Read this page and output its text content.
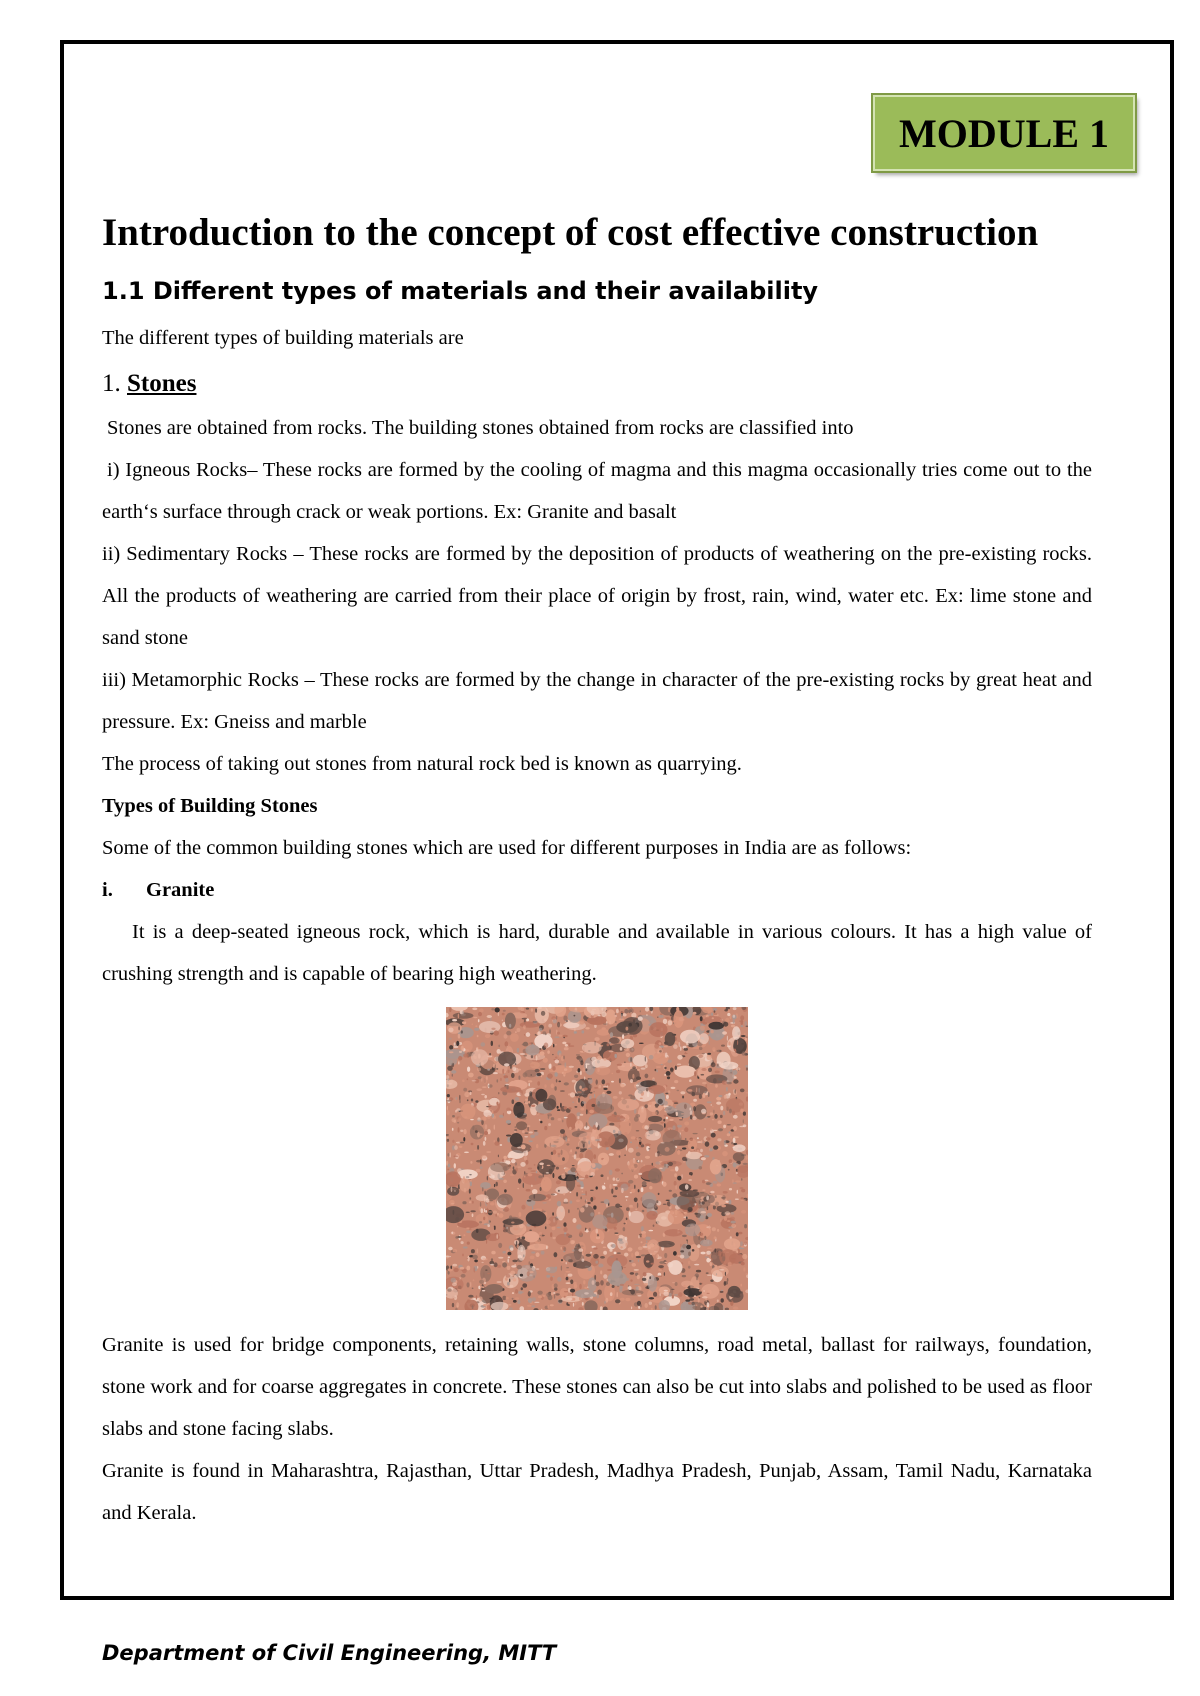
MODULE 1
Introduction to the concept of cost effective construction
1.1 Different types of materials and their availability

The different types of building materials are

1. Stones

Stones are obtained from rocks. The building stones obtained from rocks are classified into

i) Igneous Rocks– These rocks are formed by the cooling of magma and this magma occasionally tries come out to the earth‘s surface through crack or weak portions. Ex: Granite and basalt

ii) Sedimentary Rocks – These rocks are formed by the deposition of products of weathering on the pre-existing rocks. All the products of weathering are carried from their place of origin by frost, rain, wind, water etc. Ex: lime stone and sand stone

iii) Metamorphic Rocks – These rocks are formed by the change in character of the pre-existing rocks by great heat and pressure. Ex: Gneiss and marble

The process of taking out stones from natural rock bed is known as quarrying.

Types of Building Stones

Some of the common building stones which are used for different purposes in India are as follows:

i. Granite

It is a deep-seated igneous rock, which is hard, durable and available in various colours. It has a high value of crushing strength and is capable of bearing high weathering.

Granite is used for bridge components, retaining walls, stone columns, road metal, ballast for railways, foundation, stone work and for coarse aggregates in concrete. These stones can also be cut into slabs and polished to be used as floor slabs and stone facing slabs.

Granite is found in Maharashtra, Rajasthan, Uttar Pradesh, Madhya Pradesh, Punjab, Assam, Tamil Nadu, Karnataka and Kerala.

Department of Civil Engineering, MITT
